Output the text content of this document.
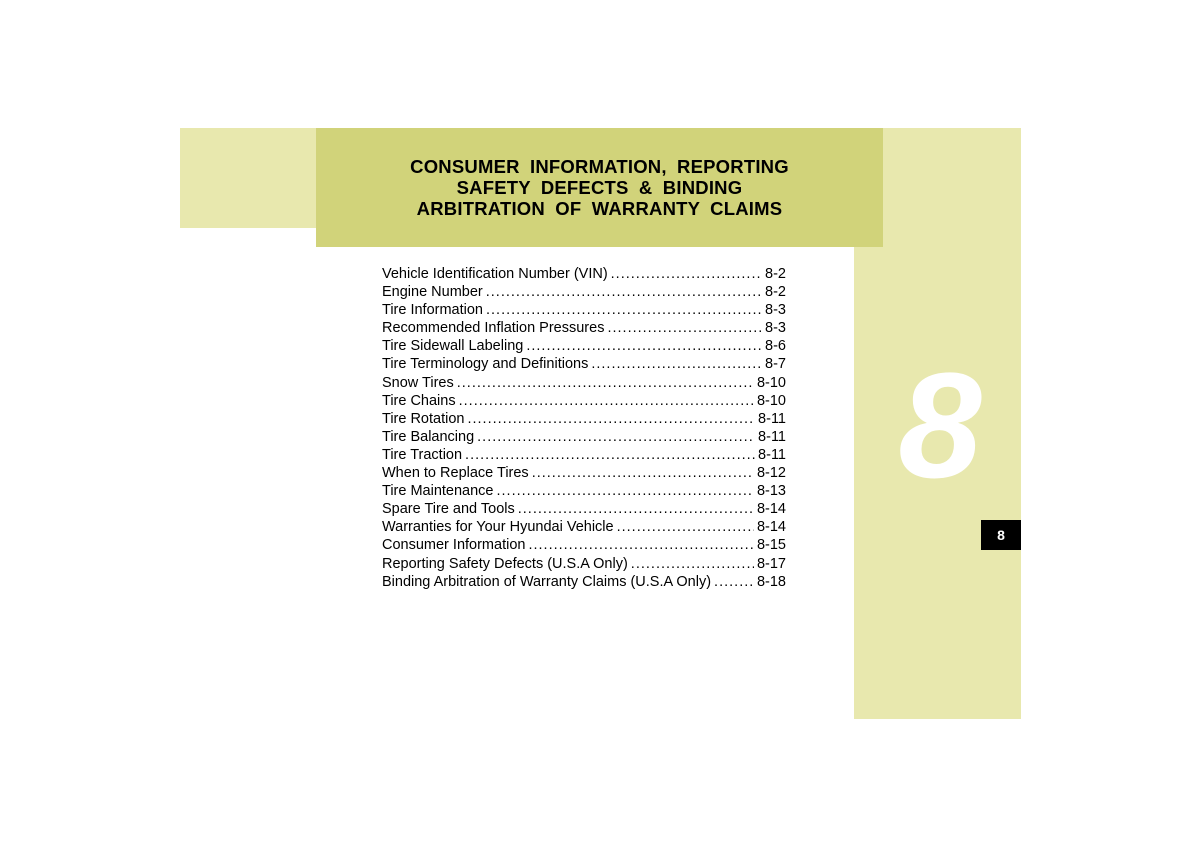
CONSUMER INFORMATION, REPORTING
SAFETY DEFECTS & BINDING
ARBITRATION OF WARRANTY CLAIMS
8
8
Vehicle Identification Number (VIN) .....	8-2
Engine Number .....	8-2
Tire Information .....	8-3
Recommended Inflation Pressures .....	8-3
Tire Sidewall Labeling .....	8-6
Tire Terminology and Definitions .....	8-7
Snow Tires .....	8-10
Tire Chains .....	8-10
Tire Rotation .....	8-11
Tire Balancing .....	8-11
Tire Traction .....	8-11
When to Replace Tires .....	8-12
Tire Maintenance .....	8-13
Spare Tire and Tools .....	8-14
Warranties for Your Hyundai Vehicle .....	8-14
Consumer Information .....	8-15
Reporting Safety Defects (U.S.A Only) .....	8-17
Binding Arbitration of Warranty Claims (U.S.A Only) .....	8-18
